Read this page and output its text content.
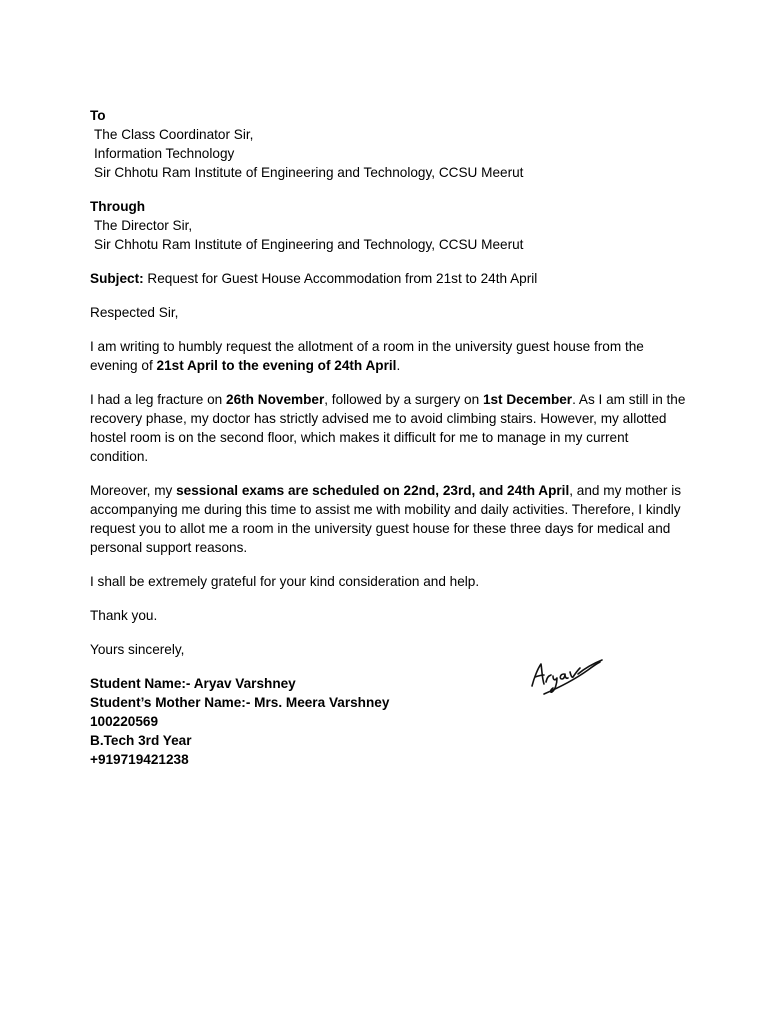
To
The Class Coordinator Sir,
Information Technology
Sir Chhotu Ram Institute of Engineering and Technology, CCSU Meerut
Through
The Director Sir,
Sir Chhotu Ram Institute of Engineering and Technology, CCSU Meerut

Subject: Request for Guest House Accommodation from 21st to 24th April

Respected Sir,

I am writing to humbly request the allotment of a room in the university guest house from the evening of 21st April to the evening of 24th April.

I had a leg fracture on 26th November, followed by a surgery on 1st December. As I am still in the recovery phase, my doctor has strictly advised me to avoid climbing stairs. However, my allotted hostel room is on the second floor, which makes it difficult for me to manage in my current condition.

Moreover, my sessional exams are scheduled on 22nd, 23rd, and 24th April, and my mother is accompanying me during this time to assist me with mobility and daily activities. Therefore, I kindly request you to allot me a room in the university guest house for these three days for medical and personal support reasons.

I shall be extremely grateful for your kind consideration and help.

Thank you.

Yours sincerely,

Student Name:- Aryav Varshney
Student’s Mother Name:- Mrs. Meera Varshney
100220569
B.Tech 3rd Year
+919719421238
